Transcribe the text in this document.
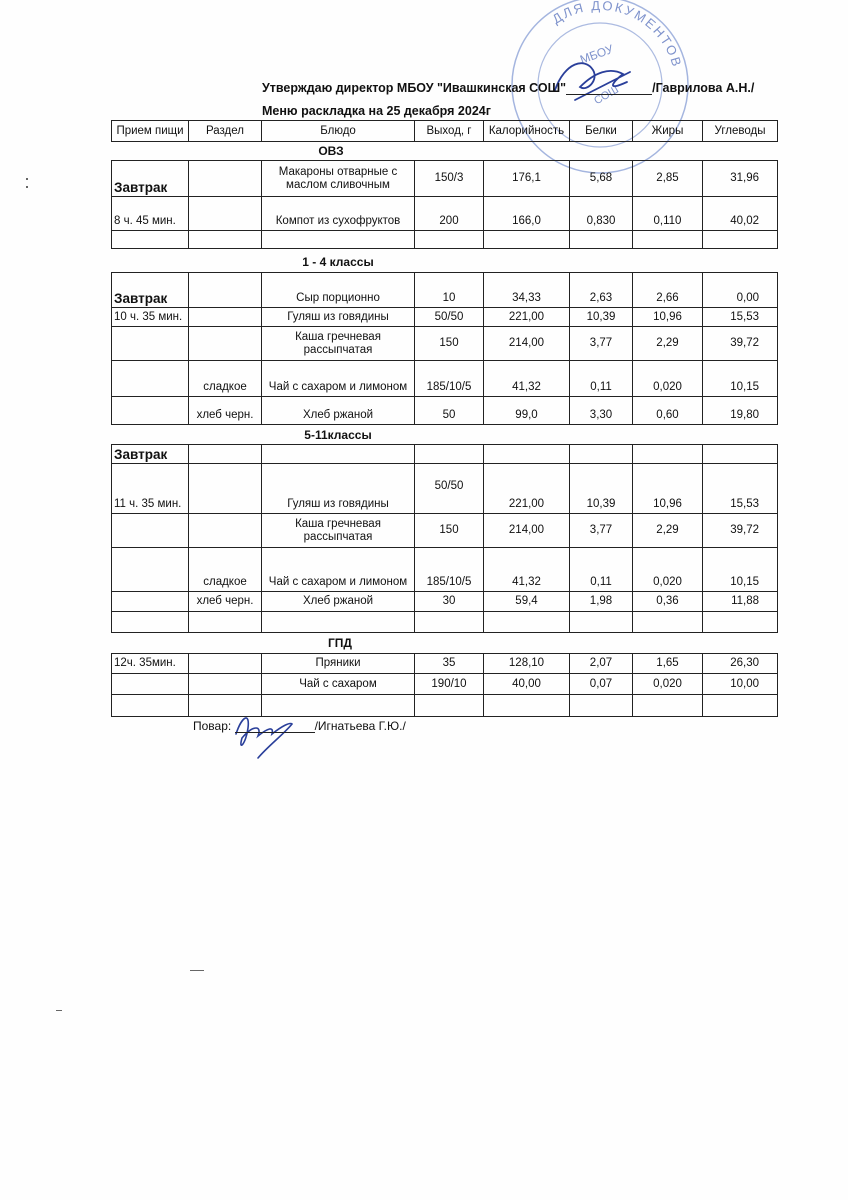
ДЛЯ ДОКУМЕНТОВ
МБОУ
СОШ
Утверждаю директор МБОУ "Ивашкинская СОШ"	/Гаврилова А.Н./
Меню раскладка на 25 декабря 2024г
Прием пищи	Раздел	Блюдо	Выход, г	Калорийность	Белки	Жиры	Углеводы
ОВЗ
Завтрак		Макароны отварные с маслом сливочным	150/3	176,1	5,68	2,85	31,96
8 ч. 45 мин.		Компот из сухофруктов	200	166,0	0,830	0,110	40,02

1 - 4 классы
Завтрак		Сыр порционно	10	34,33	2,63	2,66	0,00
10 ч. 35 мин.		Гуляш из говядины	50/50	221,00	10,39	10,96	15,53
		Каша гречневая рассыпчатая	150	214,00	3,77	2,29	39,72
	сладкое	Чай с сахаром и лимоном	185/10/5	41,32	0,11	0,020	10,15
	хлеб черн.	Хлеб ржаной	50	99,0	3,30	0,60	19,80
5-11классы
Завтрак							
11 ч. 35 мин.		Гуляш из говядины	50/50	221,00	10,39	10,96	15,53
		Каша гречневая рассыпчатая	150	214,00	3,77	2,29	39,72
	сладкое	Чай с сахаром и лимоном	185/10/5	41,32	0,11	0,020	10,15
	хлеб черн.	Хлеб ржаной	30	59,4	1,98	0,36	11,88

ГПД
12ч. 35мин.		Пряники	35	128,10	2,07	1,65	26,30
		Чай с сахаром	190/10	40,00	0,07	0,020	10,00

Повар:	/Игнатьева Г.Ю./
